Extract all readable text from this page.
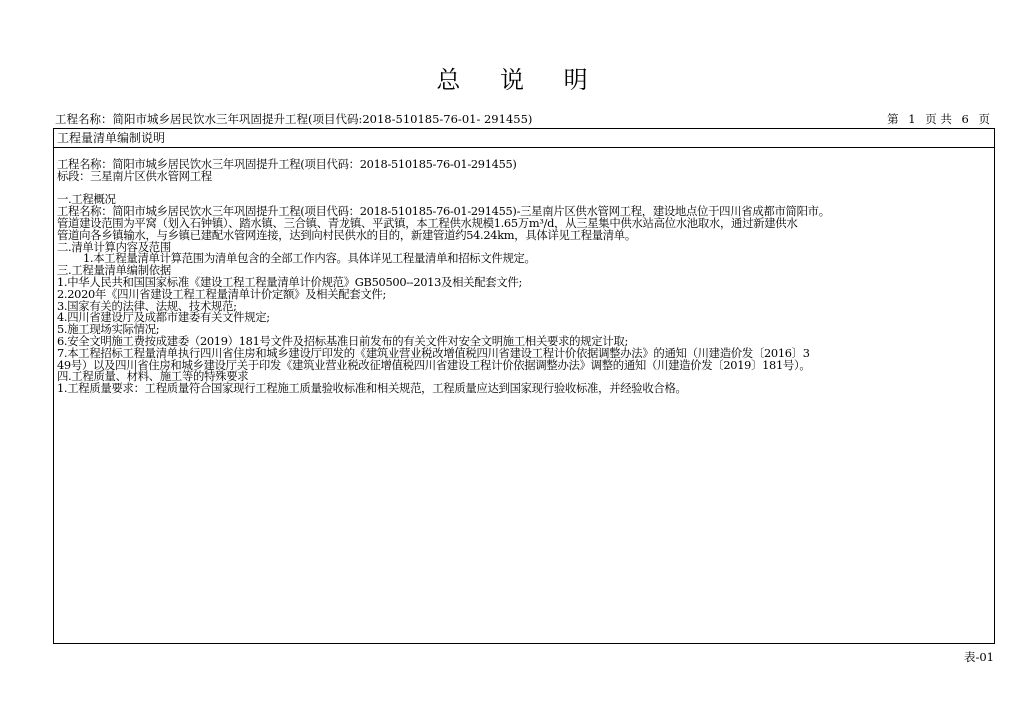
总 说 明
工程名称：简阳市城乡居民饮水三年巩固提升工程(项目代码:2018-510185-76-01- 291455)	第 1 页 共 6 页
工程量清单编制说明
工程名称：简阳市城乡居民饮水三年巩固提升工程(项目代码：2018-510185-76-01-291455)
标段：三星南片区供水管网工程
一.工程概况
工程名称：简阳市城乡居民饮水三年巩固提升工程(项目代码：2018-510185-76-01-291455)-三星南片区供水管网工程，建设地点位于四川省成都市简阳市。
管道建设范围为平窝（划入石钟镇）、踏水镇、三合镇、青龙镇、平武镇，本工程供水规模1.65万m³/d，从三星集中供水站高位水池取水，通过新建供水
管道向各乡镇输水，与乡镇已建配水管网连接，达到向村民供水的目的，新建管道约54.24km，具体详见工程量清单。
二.清单计算内容及范围
1.本工程量清单计算范围为清单包含的全部工作内容。具体详见工程量清单和招标文件规定。
三.工程量清单编制依据
1.中华人民共和国国家标准《建设工程工程量清单计价规范》GB50500--2013及相关配套文件;
2.2020年《四川省建设工程工程量清单计价定额》及相关配套文件;
3.国家有关的法律、法规、技术规范;
4.四川省建设厅及成都市建委有关文件规定;
5.施工现场实际情况;
6.安全文明施工费按成建委（2019）181号文件及招标基准日前发布的有关文件对安全文明施工相关要求的规定计取;
7.本工程招标工程量清单执行四川省住房和城乡建设厅印发的《建筑业营业税改增值税四川省建设工程计价依据调整办法》的通知（川建造价发〔2016〕3
49号）以及四川省住房和城乡建设厅关于印发《建筑业营业税改征增值税四川省建设工程计价依据调整办法》调整的通知（川建造价发〔2019〕181号）。
四.工程质量、材料、施工等的特殊要求
1.工程质量要求：工程质量符合国家现行工程施工质量验收标准和相关规范，工程质量应达到国家现行验收标准，并经验收合格。
表-01
